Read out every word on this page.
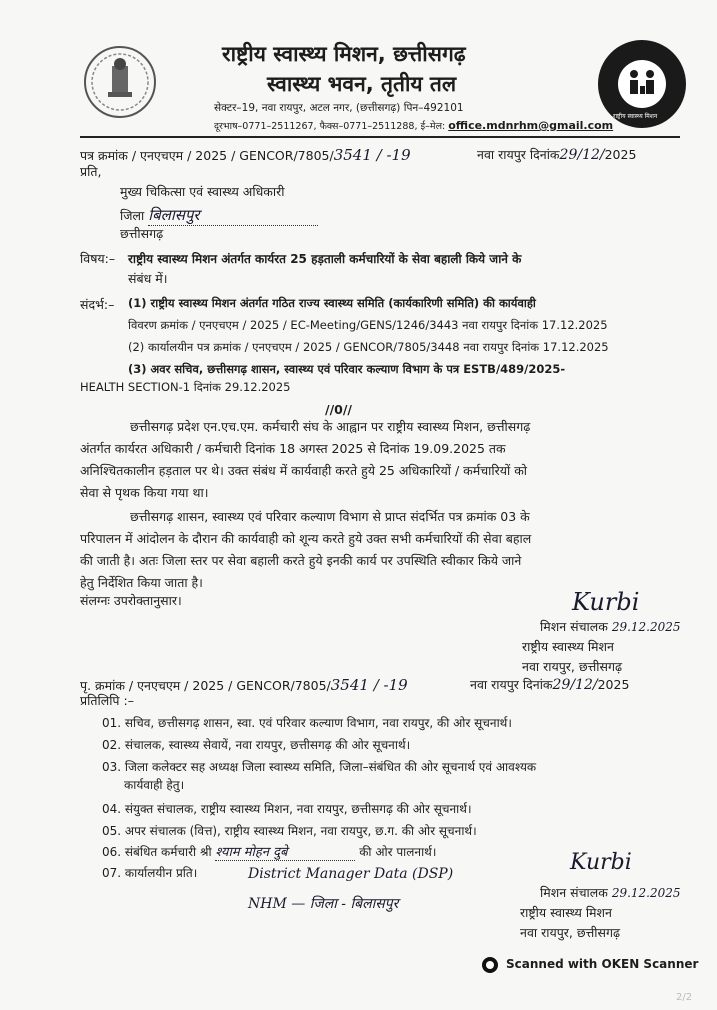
राष्ट्रीय स्वास्थ्य मिशन
राष्ट्रीय स्वास्थ्य मिशन, छत्तीसगढ़
स्वास्थ्य भवन, तृतीय तल
सेक्टर–19, नवा रायपुर, अटल नगर, (छत्तीसगढ़) पिन–492101
दूरभाष–0771–2511267, फैक्स–0771–2511288, ई–मेल: office.mdnrhm@gmail.com
पत्र क्रमांक / एनएचएम / 2025 / GENCOR/7805/3541 / -19	नवा रायपुर दिनांक29/12/2025
प्रति,
मुख्य चिकित्सा एवं स्वास्थ्य अधिकारी
जिला बिलासपुर
छत्तीसगढ़
विषय:– राष्ट्रीय स्वास्थ्य मिशन अंतर्गत कार्यरत 25 हड़ताली कर्मचारियों के सेवा बहाली किये जाने के
संबंध में।
संदर्भ:– (1) राष्ट्रीय स्वास्थ्य मिशन अंतर्गत गठित राज्य स्वास्थ्य समिति (कार्यकारिणी समिति) की कार्यवाही
विवरण क्रमांक / एनएचएम / 2025 / EC-Meeting/GENS/1246/3443 नवा रायपुर दिनांक 17.12.2025
(2) कार्यालयीन पत्र क्रमांक / एनएचएम / 2025 / GENCOR/7805/3448 नवा रायपुर दिनांक 17.12.2025
(3) अवर सचिव, छत्तीसगढ़ शासन, स्वास्थ्य एवं परिवार कल्याण विभाग के पत्र ESTB/489/2025-
HEALTH SECTION-1 दिनांक 29.12.2025
//0//
छत्तीसगढ़ प्रदेश एन.एच.एम. कर्मचारी संघ के आह्वान पर राष्ट्रीय स्वास्थ्य मिशन, छत्तीसगढ़
अंतर्गत कार्यरत अधिकारी / कर्मचारी दिनांक 18 अगस्त 2025 से दिनांक 19.09.2025 तक
अनिश्चितकालीन हड़ताल पर थे। उक्त संबंध में कार्यवाही करते हुये 25 अधिकारियों / कर्मचारियों को
सेवा से पृथक किया गया था।
छत्तीसगढ़ शासन, स्वास्थ्य एवं परिवार कल्याण विभाग से प्राप्त संदर्भित पत्र क्रमांक 03 के
परिपालन में आंदोलन के दौरान की कार्यवाही को शून्य करते हुये उक्त सभी कर्मचारियों की सेवा बहाल
की जाती है। अतः जिला स्तर पर सेवा बहाली करते हुये इनकी कार्य पर उपस्थिति स्वीकार किये जाने
हेतु निर्देशित किया जाता है।
संलग्नः उपरोक्तानुसार।	Kurbi
मिशन संचालक 29.12.2025
राष्ट्रीय स्वास्थ्य मिशन
नवा रायपुर, छत्तीसगढ़
पृ. क्रमांक / एनएचएम / 2025 / GENCOR/7805/3541 / -19	नवा रायपुर दिनांक29/12/2025
प्रतिलिपि :–
01. सचिव, छत्तीसगढ़ शासन, स्वा. एवं परिवार कल्याण विभाग, नवा रायपुर, की ओर सूचनार्थ।
02. संचालक, स्वास्थ्य सेवायें, नवा रायपुर, छत्तीसगढ़ की ओर सूचनार्थ।
03. जिला कलेक्टर सह अध्यक्ष जिला स्वास्थ्य समिति, जिला–संबंधित की ओर सूचनार्थ एवं आवश्यक
कार्यवाही हेतु।
04. संयुक्त संचालक, राष्ट्रीय स्वास्थ्य मिशन, नवा रायपुर, छत्तीसगढ़ की ओर सूचनार्थ।
05. अपर संचालक (वित्त), राष्ट्रीय स्वास्थ्य मिशन, नवा रायपुर, छ.ग. की ओर सूचनार्थ।
06. संबंधित कर्मचारी श्री श्याम मोहन दुबे	की ओर पालनार्थ।
07. कार्यालयीन प्रति।	District Manager Data (DSP)
NHM — जिला - बिलासपुर
Kurbi
मिशन संचालक 29.12.2025
राष्ट्रीय स्वास्थ्य मिशन
नवा रायपुर, छत्तीसगढ़
Scanned with OKEN Scanner
2/2
